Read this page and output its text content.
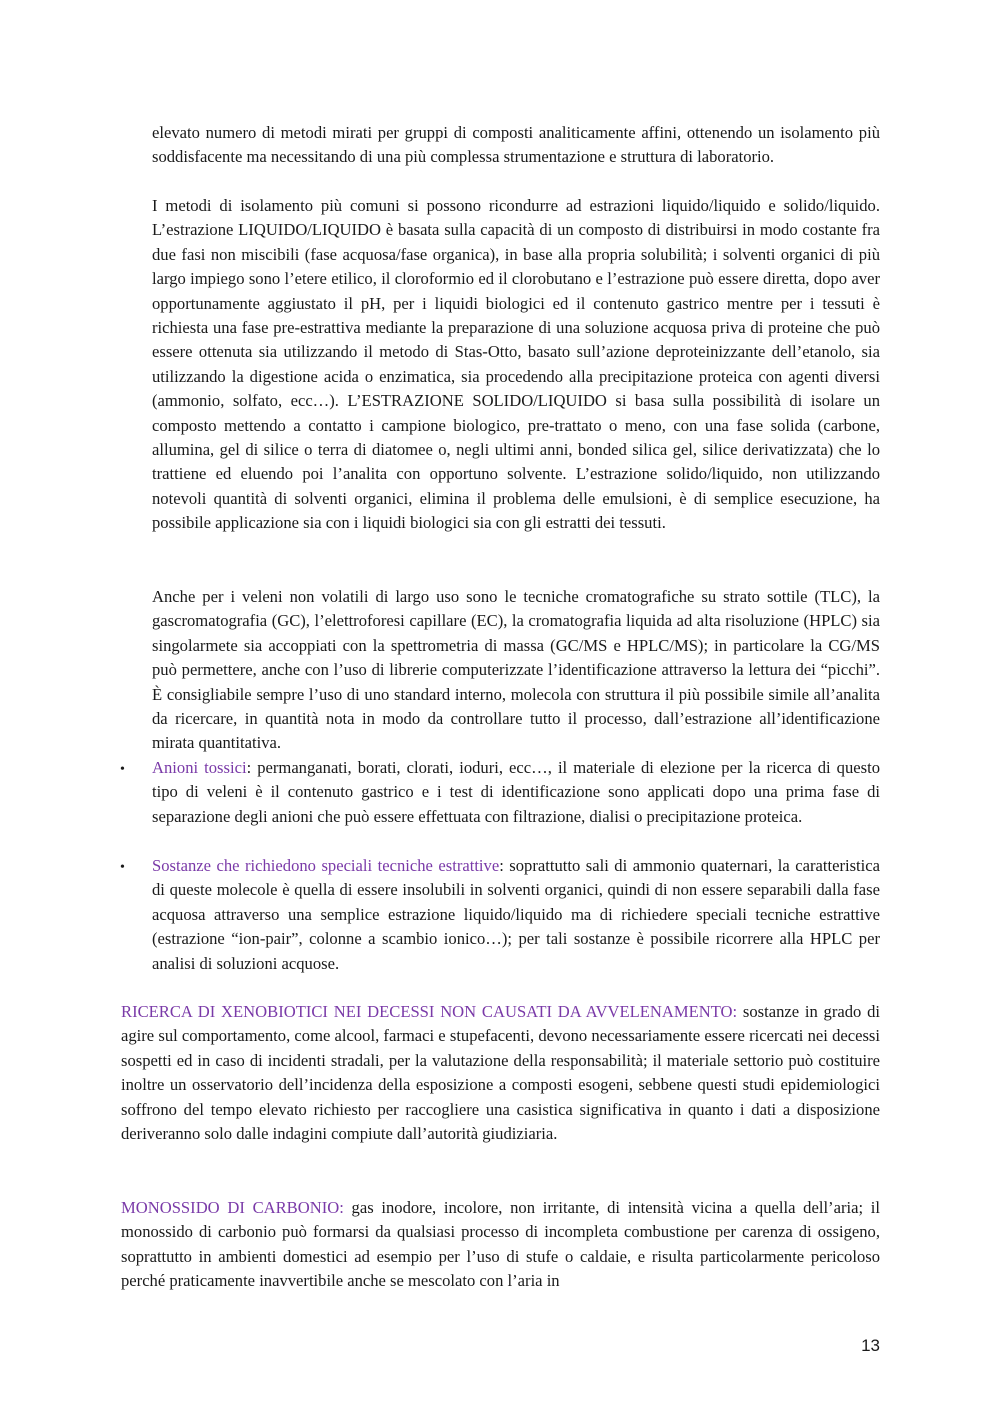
elevato numero di metodi mirati per gruppi di composti analiticamente affini, ottenendo un isolamento più soddisfacente ma necessitando di una più complessa strumentazione e struttura di laboratorio.

I metodi di isolamento più comuni si possono ricondurre ad estrazioni liquido/liquido e solido/liquido. L’estrazione LIQUIDO/LIQUIDO è basata sulla capacità di un composto di distribuirsi in modo costante fra due fasi non miscibili (fase acquosa/fase organica), in base alla propria solubilità; i solventi organici di più largo impiego sono l’etere etilico, il cloroformio ed il clorobutano e l’estrazione può essere diretta, dopo aver opportunamente aggiustato il pH, per i liquidi biologici ed il contenuto gastrico mentre per i tessuti è richiesta una fase pre-estrattiva mediante la preparazione di una soluzione acquosa priva di proteine che può essere ottenuta sia utilizzando il metodo di Stas-Otto, basato sull’azione deproteinizzante dell’etanolo, sia utilizzando la digestione acida o enzimatica, sia procedendo alla precipitazione proteica con agenti diversi (ammonio, solfato, ecc…). L’ESTRAZIONE SOLIDO/LIQUIDO si basa sulla possibilità di isolare un composto mettendo a contatto i campione biologico, pre-trattato o meno, con una fase solida (carbone, allumina, gel di silice o terra di diatomee o, negli ultimi anni, bonded silica gel, silice derivatizzata) che lo trattiene ed eluendo poi l’analita con opportuno solvente. L’estrazione solido/liquido, non utilizzando notevoli quantità di solventi organici, elimina il problema delle emulsioni, è di semplice esecuzione, ha possibile applicazione sia con i liquidi biologici sia con gli estratti dei tessuti.

Anche per i veleni non volatili di largo uso sono le tecniche cromatografiche su strato sottile (TLC), la gascromatografia (GC), l’elettroforesi capillare (EC), la cromatografia liquida ad alta risoluzione (HPLC) sia singolarmete sia accoppiati con la spettrometria di massa (GC/MS e HPLC/MS); in particolare la CG/MS può permettere, anche con l’uso di librerie computerizzate l’identificazione attraverso la lettura dei “picchi”. È consigliabile sempre l’uso di uno standard interno, molecola con struttura il più possibile simile all’analita da ricercare, in quantità nota in modo da controllare tutto il processo, dall’estrazione all’identificazione mirata quantitativa.

•	Anioni tossici: permanganati, borati, clorati, ioduri, ecc…, il materiale di elezione per la ricerca di questo tipo di veleni è il contenuto gastrico e i test di identificazione sono applicati dopo una prima fase di separazione degli anioni che può essere effettuata con filtrazione, dialisi o precipitazione proteica.

•	Sostanze che richiedono speciali tecniche estrattive: soprattutto sali di ammonio quaternari, la caratteristica di queste molecole è quella di essere insolubili in solventi organici, quindi di non essere separabili dalla fase acquosa attraverso una semplice estrazione liquido/liquido ma di richiedere speciali tecniche estrattive (estrazione “ion-pair”, colonne a scambio ionico…); per tali sostanze è possibile ricorrere alla HPLC per analisi di soluzioni acquose.

RICERCA DI XENOBIOTICI NEI DECESSI NON CAUSATI DA AVVELENAMENTO: sostanze in grado di agire sul comportamento, come alcool, farmaci e stupefacenti, devono necessariamente essere ricercati nei decessi sospetti ed in caso di incidenti stradali, per la valutazione della responsabilità; il materiale settorio può costituire inoltre un osservatorio dell’incidenza della esposizione a composti esogeni, sebbene questi studi epidemiologici soffrono del tempo elevato richiesto per raccogliere una casistica significativa in quanto i dati a disposizione deriveranno solo dalle indagini compiute dall’autorità giudiziaria.

MONOSSIDO DI CARBONIO: gas inodore, incolore, non irritante, di intensità vicina a quella dell’aria; il monossido di carbonio può formarsi da qualsiasi processo di incompleta combustione per carenza di ossigeno, soprattutto in ambienti domestici ad esempio per l’uso di stufe o caldaie, e risulta particolarmente pericoloso perché praticamente inavvertibile anche se mescolato con l’aria in

13
